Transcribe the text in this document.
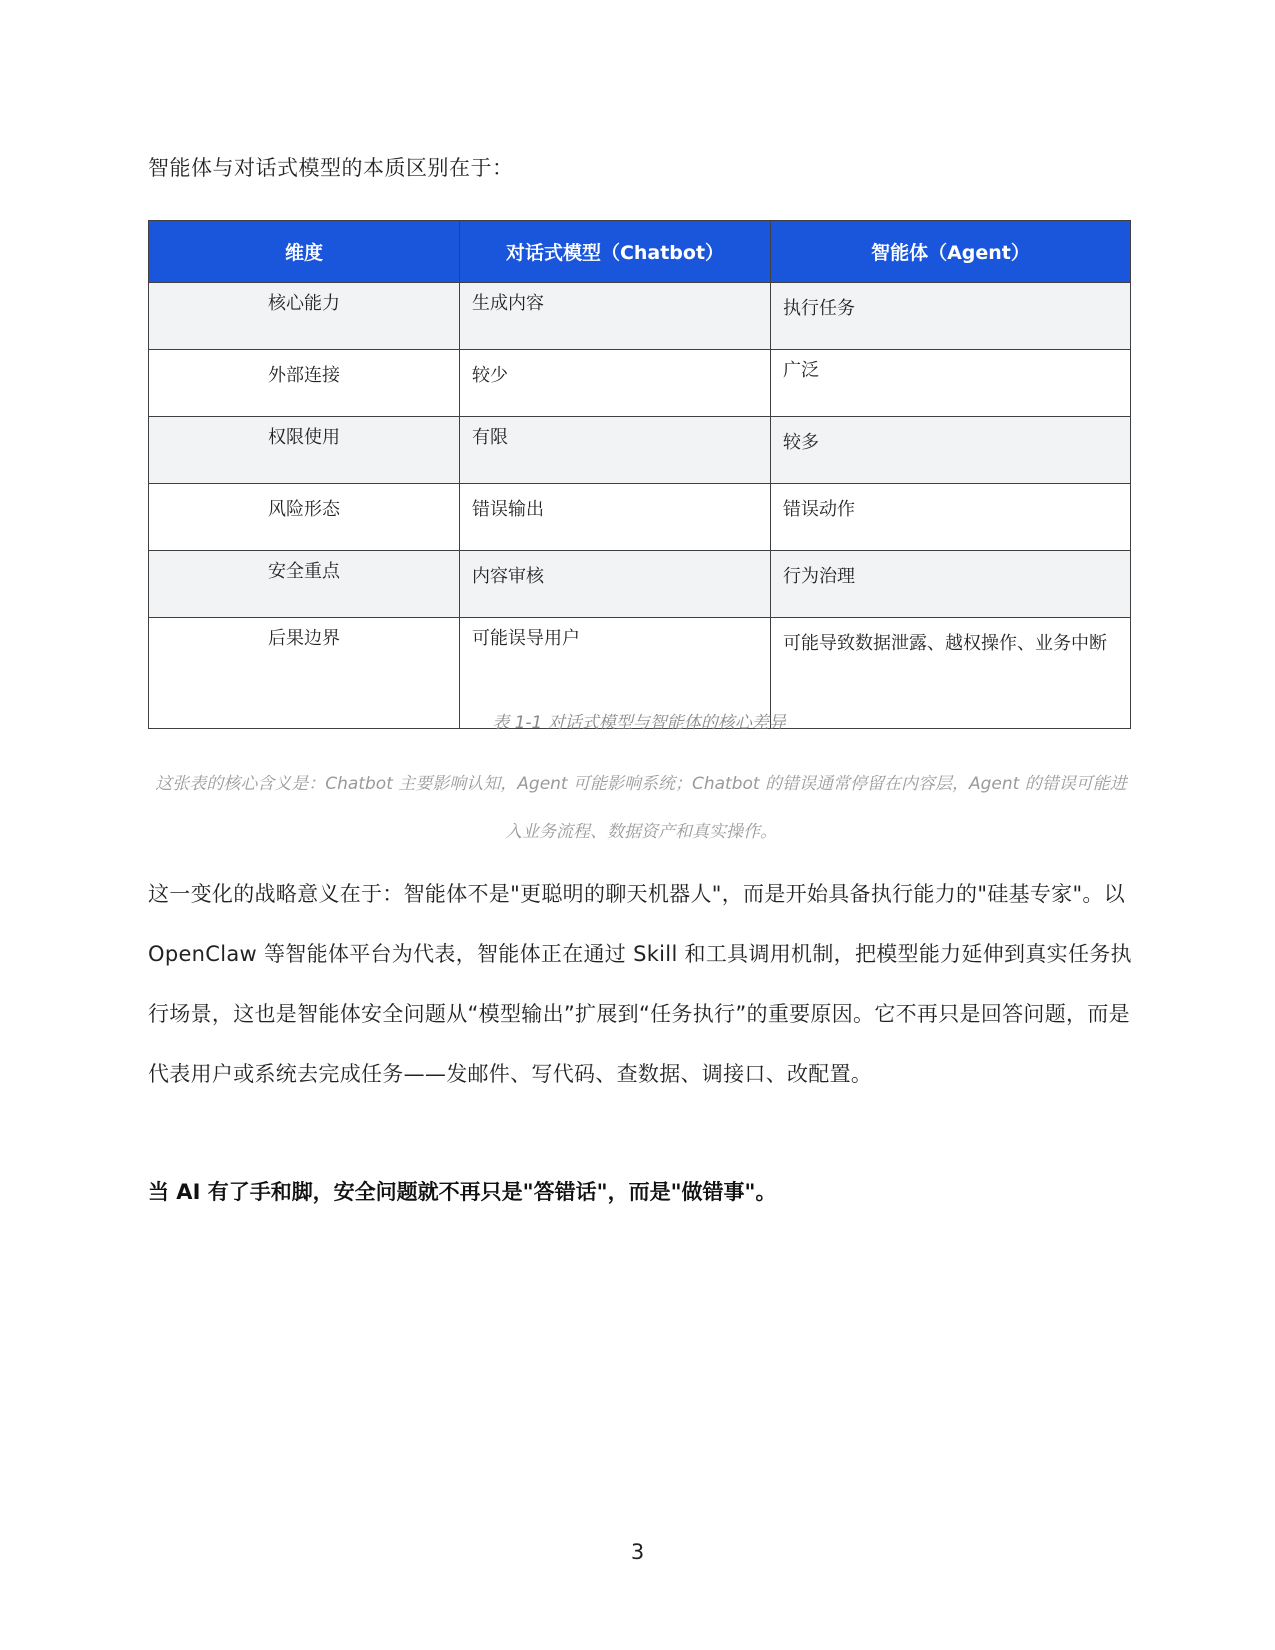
智能体与对话式模型的本质区别在于：

维度	对话式模型（Chatbot）	智能体（Agent）
核心能力	生成内容	执行任务
外部连接	较少	广泛
权限使用	有限	较多
风险形态	错误输出	错误动作
安全重点	内容审核	行为治理
后果边界	可能误导用户	可能导致数据泄露、越权操作、业务中断

表 1-1 对话式模型与智能体的核心差异

这张表的核心含义是：Chatbot 主要影响认知，Agent 可能影响系统；Chatbot 的错误通常停留在内容层，Agent 的错误可能进入业务流程、数据资产和真实操作。

这一变化的战略意义在于：智能体不是"更聪明的聊天机器人"，而是开始具备执行能力的"硅基专家"。以 OpenClaw 等智能体平台为代表，智能体正在通过 Skill 和工具调用机制，把模型能力延伸到真实任务执行场景，这也是智能体安全问题从“模型输出”扩展到“任务执行”的重要原因。它不再只是回答问题，而是代表用户或系统去完成任务——发邮件、写代码、查数据、调接口、改配置。

当 AI 有了手和脚，安全问题就不再只是"答错话"，而是"做错事"。

3
